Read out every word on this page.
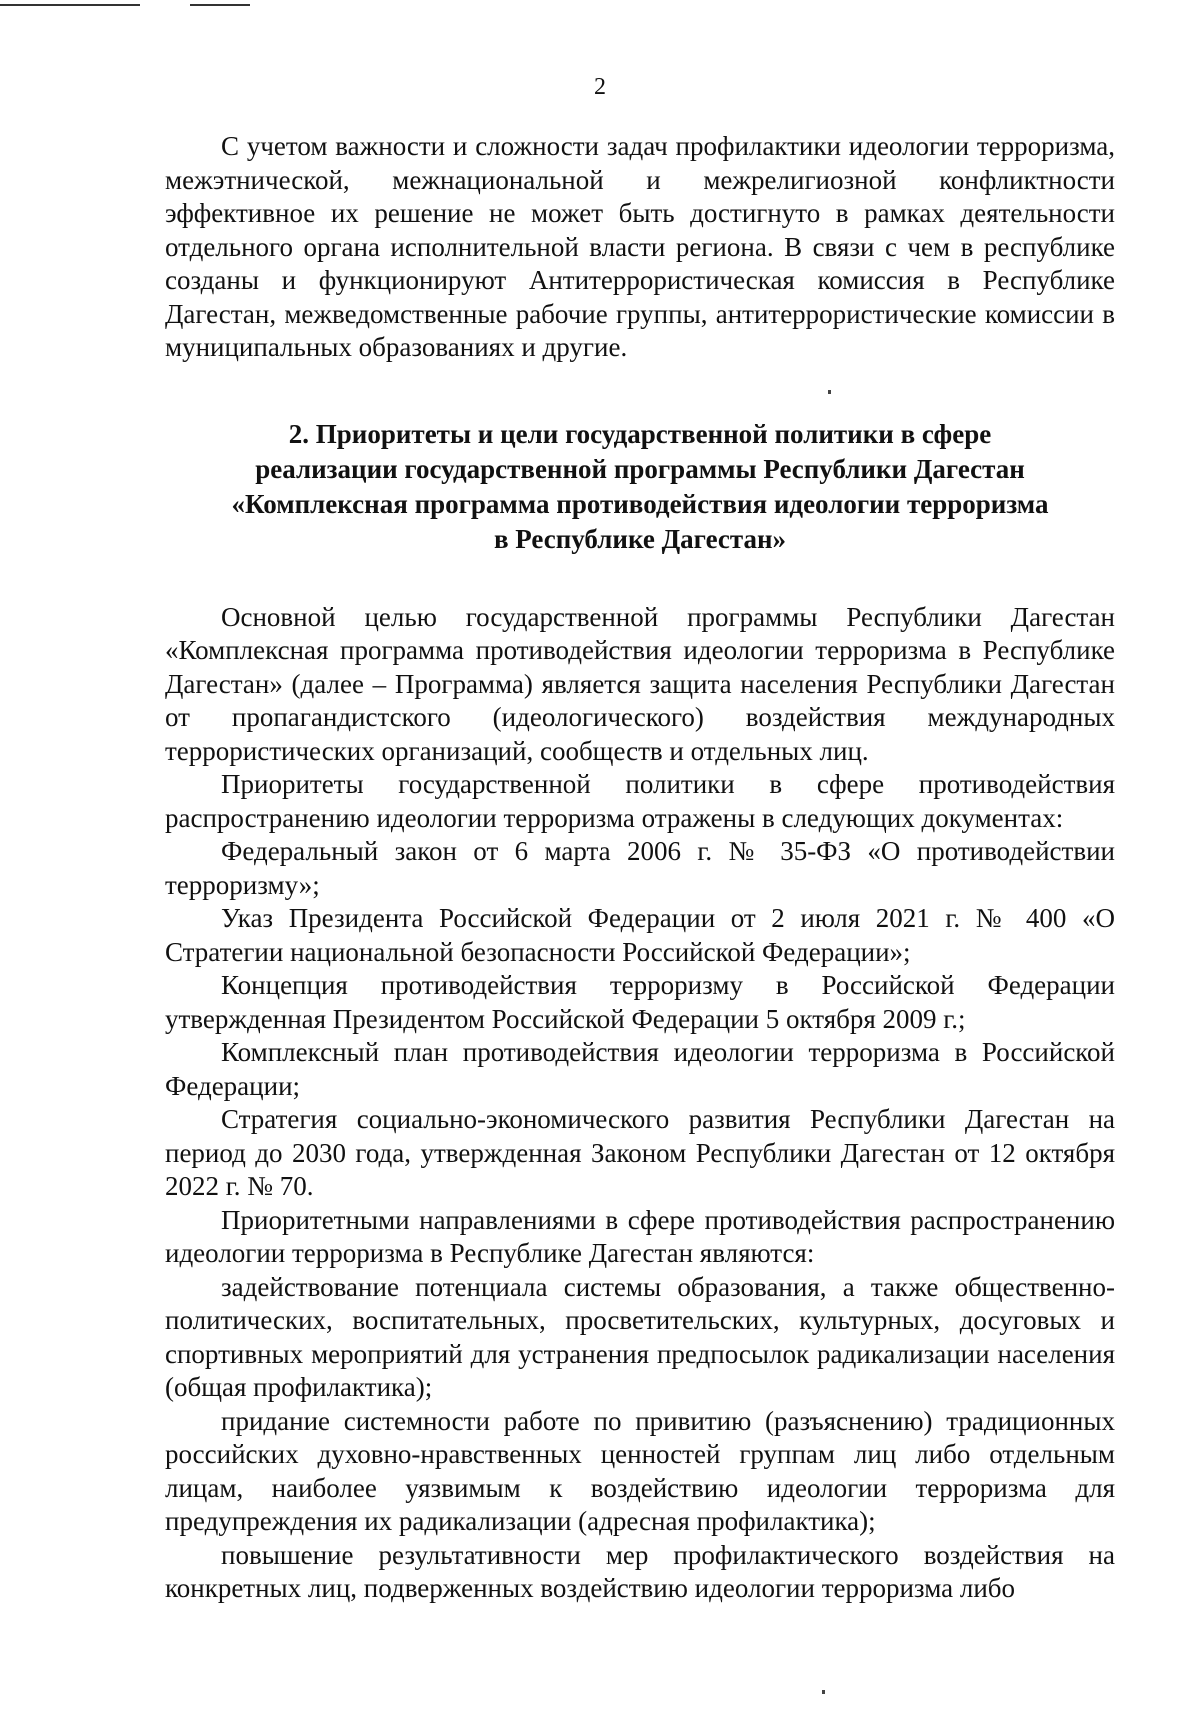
2

С учетом важности и сложности задач профилактики идеологии терроризма, межэтнической, межнациональной и межрелигиозной конфликтности эффективное их решение не может быть достигнуто в рамках деятельности отдельного органа исполнительной власти региона. В связи с чем в республике созданы и функционируют Антитеррористическая комиссия в Республике Дагестан, межведомственные рабочие группы, антитеррористические комиссии в муниципальных образованиях и другие.

2. Приоритеты и цели государственной политики в сфере
реализации государственной программы Республики Дагестан
«Комплексная программа противодействия идеологии терроризма
в Республике Дагестан»

Основной целью государственной программы Республики Дагестан «Комплексная программа противодействия идеологии терроризма в Республике Дагестан» (далее – Программа) является защита населения Республики Дагестан от пропагандистского (идеологического) воздействия международных террористических организаций, сообществ и отдельных лиц.

Приоритеты государственной политики в сфере противодействия распространению идеологии терроризма отражены в следующих документах:

Федеральный закон от 6 марта 2006 г. № 35-ФЗ «О противодействии терроризму»;

Указ Президента Российской Федерации от 2 июля 2021 г. № 400 «О Стратегии национальной безопасности Российской Федерации»;

Концепция противодействия терроризму в Российской Федерации утвержденная Президентом Российской Федерации 5 октября 2009 г.;

Комплексный план противодействия идеологии терроризма в Российской Федерации;

Стратегия социально-экономического развития Республики Дагестан на период до 2030 года, утвержденная Законом Республики Дагестан от 12 октября 2022 г. № 70.

Приоритетными направлениями в сфере противодействия распространению идеологии терроризма в Республике Дагестан являются:

задействование потенциала системы образования, а также общественно-политических, воспитательных, просветительских, культурных, досуговых и спортивных мероприятий для устранения предпосылок радикализации населения (общая профилактика);

придание системности работе по привитию (разъяснению) традиционных российских духовно-нравственных ценностей группам лиц либо отдельным лицам, наиболее уязвимым к воздействию идеологии терроризма для предупреждения их радикализации (адресная профилактика);

повышение результативности мер профилактического воздействия на конкретных лиц, подверженных воздействию идеологии терроризма либо
